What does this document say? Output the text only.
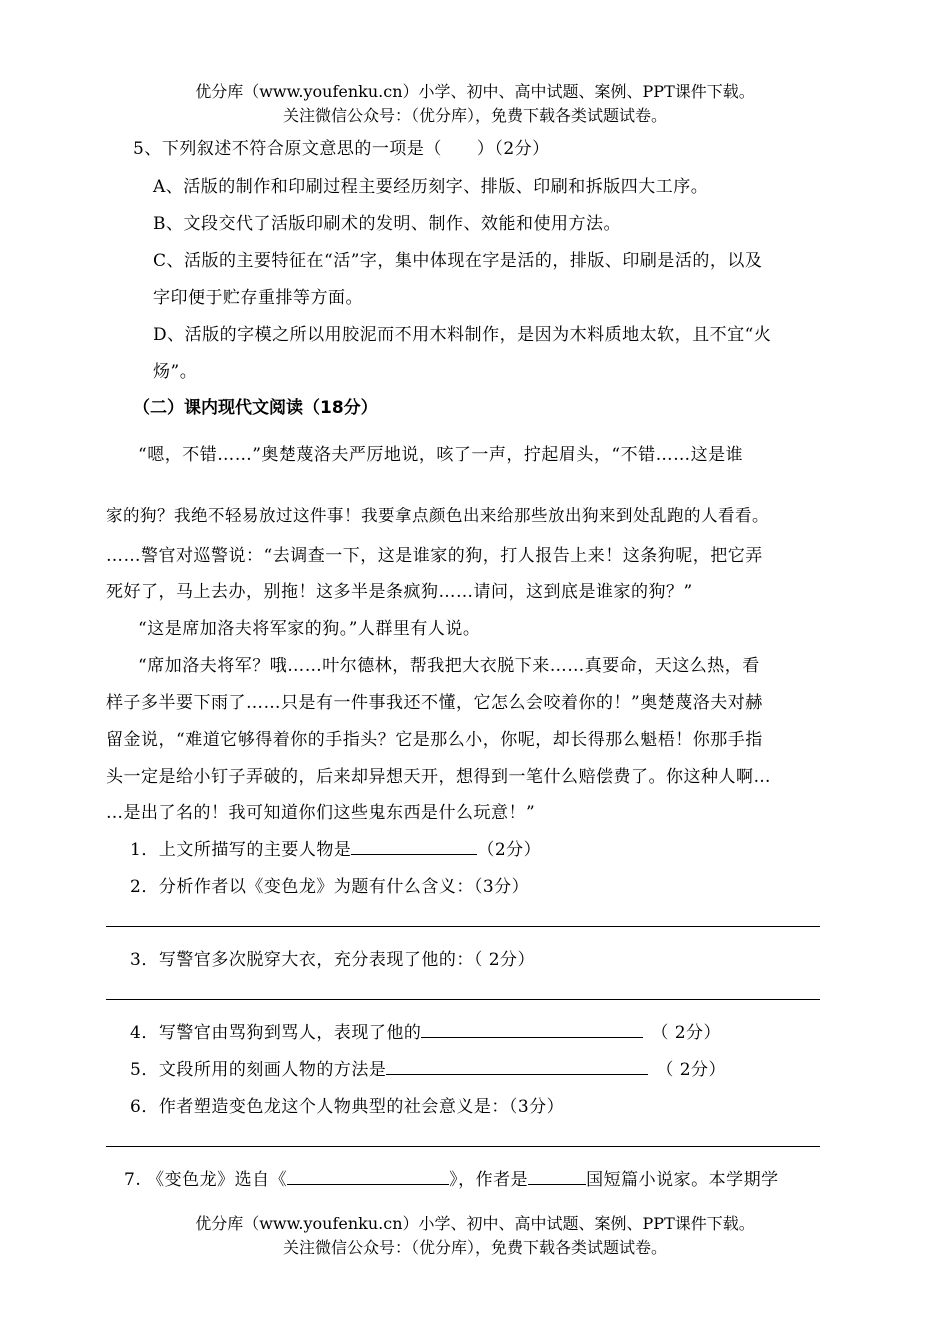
优分库（www.youfenku.cn）小学、初中、高中试题、案例、PPT课件下载。
关注微信公众号：（优分库），免费下载各类试题试卷。
5、下列叙述不符合原文意思的一项是（　　）（2分）
A、活版的制作和印刷过程主要经历刻字、排版、印刷和拆版四大工序。
B、文段交代了活版印刷术的发明、制作、效能和使用方法。
C、活版的主要特征在“活”字，集中体现在字是活的，排版、印刷是活的，以及
字印便于贮存重排等方面。
D、活版的字模之所以用胶泥而不用木料制作，是因为木料质地太软，且不宜“火
炀”。
（二）课内现代文阅读（18分）
“嗯，不错……”奥楚蔑洛夫严厉地说，咳了一声，拧起眉头，“不错……这是谁
家的狗？我绝不轻易放过这件事！我要拿点颜色出来给那些放出狗来到处乱跑的人看看。
……警官对巡警说：“去调查一下，这是谁家的狗，打人报告上来！这条狗呢，把它弄
死好了，马上去办，别拖！这多半是条疯狗……请问，这到底是谁家的狗？”
“这是席加洛夫将军家的狗。”人群里有人说。
“席加洛夫将军？哦……叶尔德林，帮我把大衣脱下来……真要命，天这么热，看
样子多半要下雨了……只是有一件事我还不懂，它怎么会咬着你的！”奥楚蔑洛夫对赫
留金说，“难道它够得着你的手指头？它是那么小，你呢，却长得那么魁梧！你那手指
头一定是给小钉子弄破的，后来却异想天开，想得到一笔什么赔偿费了。你这种人啊…
…是出了名的！我可知道你们这些鬼东西是什么玩意！”
1．上文所描写的主要人物是	（2分）
2．分析作者以《变色龙》为题有什么含义：（3分）
3．写警官多次脱穿大衣，充分表现了他的：（ 2分）
4．写警官由骂狗到骂人，表现了他的	（ 2分）
5．文段所用的刻画人物的方法是	（ 2分）
6．作者塑造变色龙这个人物典型的社会意义是：（3分）
7. 《变色龙》选自《	》，作者是	国短篇小说家。本学期学
优分库（www.youfenku.cn）小学、初中、高中试题、案例、PPT课件下载。
关注微信公众号：（优分库），免费下载各类试题试卷。
